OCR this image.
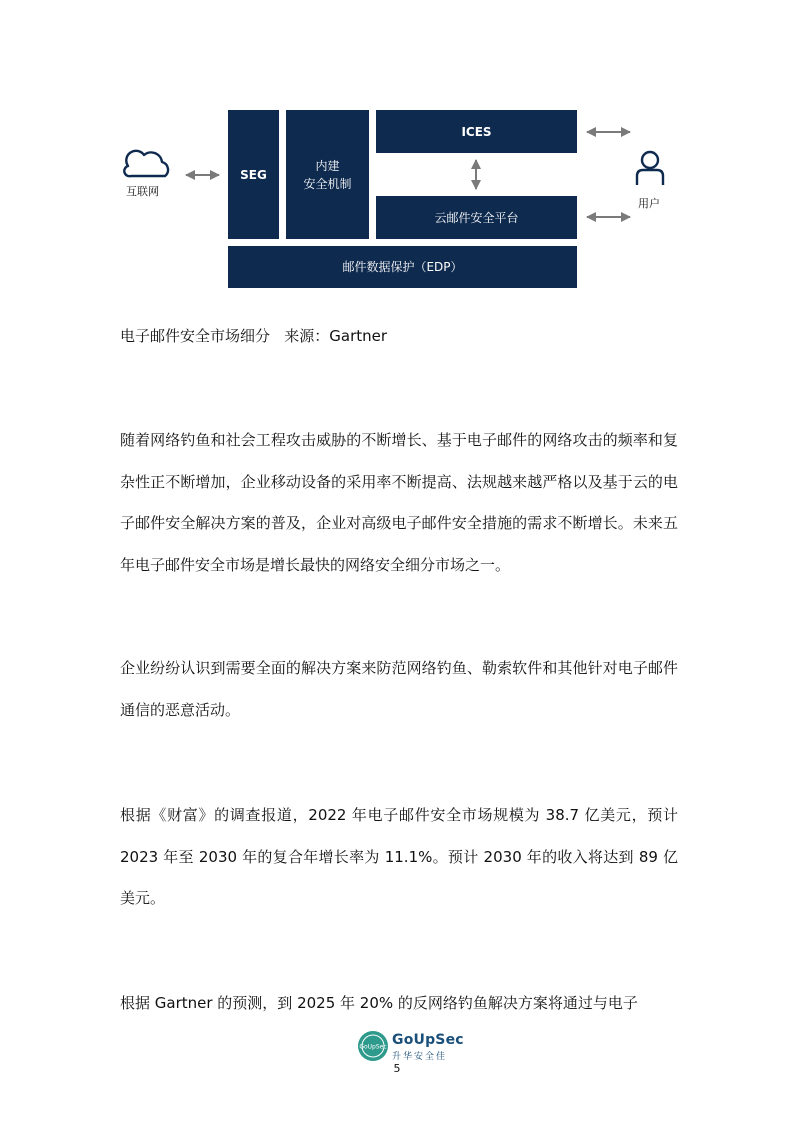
互联网
用户
SEG
内建
安全机制
ICES
云邮件安全平台
邮件数据保护（EDP）
电子邮件安全市场细分   来源：Gartner

随着网络钓鱼和社会工程攻击威胁的不断增长、基于电子邮件的网络攻击的频率和复杂性正不断增加，企业移动设备的采用率不断提高、法规越来越严格以及基于云的电子邮件安全解决方案的普及，企业对高级电子邮件安全措施的需求不断增长。未来五年电子邮件安全市场是增长最快的网络安全细分市场之一。

企业纷纷认识到需要全面的解决方案来防范网络钓鱼、勒索软件和其他针对电子邮件通信的恶意活动。

根据《财富》的调查报道，2022 年电子邮件安全市场规模为 38.7 亿美元，预计 2023 年至 2030 年的复合年增长率为 11.1%。预计 2030 年的收入将达到 89 亿美元。

根据 Gartner 的预测，到 2025 年 20% 的反网络钓鱼解决方案将通过与电子

GoUpSec GoUpSec
升华安全佳
5
